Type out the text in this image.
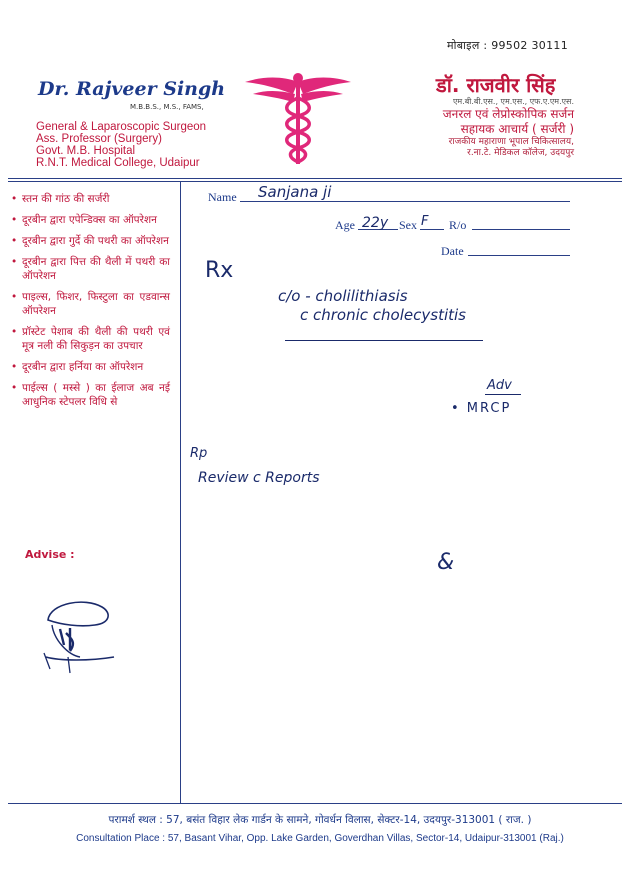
मोबाइल : 99502 30111
Dr. Rajveer Singh
M.B.B.S., M.S., FAMS,
General & Laparoscopic Surgeon
Ass. Professor (Surgery)
Govt. M.B. Hospital
R.N.T. Medical College, Udaipur
डॉ. राजवीर सिंह
एम.बी.बी.एस., एम.एस., एफ.ए.एम.एस.
जनरल एवं लेप्रोस्कोपिक सर्जन
सहायक आचार्य ( सर्जरी )
राजकीय महाराणा भूपाल चिकित्सालय,
र.ना.टे. मेडिकल कॉलेज, उदयपुर
• स्तन की गांठ की सर्जरी
• दूरबीन द्वारा एपेन्डिक्स का ऑपरेशन
• दूरबीन द्वारा गुर्दे की पथरी का ऑपरेशन
• दूरबीन द्वारा पित्त की थैली में पथरी का ऑपरेशन
• पाइल्स, फिशर, फिस्टुला का एडवान्स ऑपरेशन
• प्रॉस्टेट पेशाब की थैली की पथरी एवं मूत्र नली की सिकुड़न का उपचार
• दूरबीन द्वारा हर्निया का ऑपरेशन
• पाईल्स ( मस्से ) का ईलाज अब नई आधुनिक स्टेपलर विधि से
Advise :
Name Sanjana ji
Age 22y Sex F R/o
Date
Rx
c/o - cholilithiasis
c chronic cholecystitis
Adv
• MRCP
Rp
Review c Reports
&
परामर्श स्थल : 57, बसंत विहार लेक गार्डन के सामने, गोवर्धन विलास, सेक्टर-14, उदयपुर-313001 ( राज. )
Consultation Place : 57, Basant Vihar, Opp. Lake Garden, Goverdhan Villas, Sector-14, Udaipur-313001 (Raj.)
